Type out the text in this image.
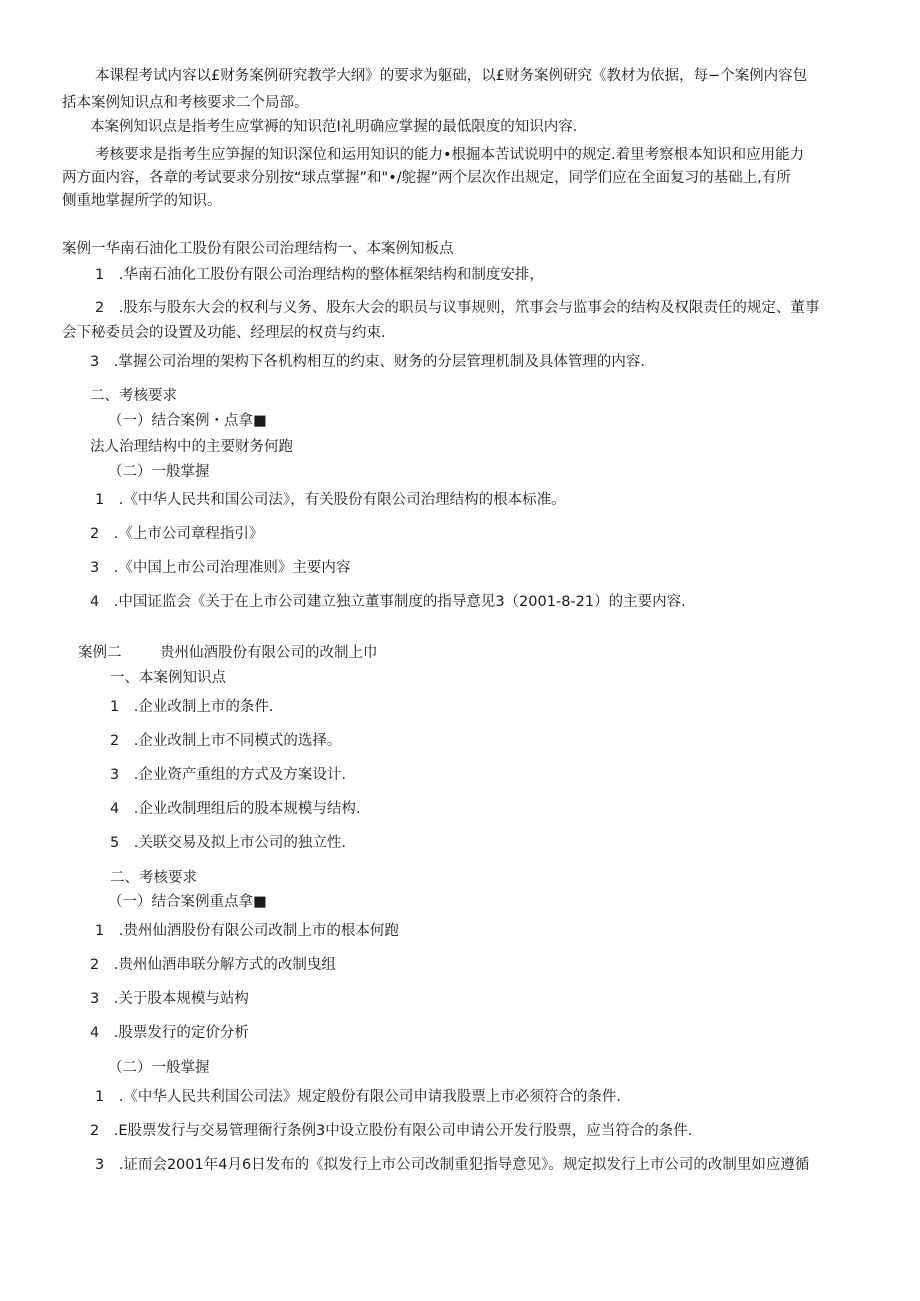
本课程考试内容以£财务案例研究教学大纲》的要求为躯础，以£财务案例研究《教材为依据，每−个案例内容包
括本案例知识点和考核要求二个局部。
本案例知识点是指考生应掌褥的知识范I礼明确应掌握的最低限度的知识内容.
考核要求是指考生应笋握的知识深位和运用知识的能力•根掘本苦试说明中的规定.着里考察根本知识和应用能力
两方面内容，各章的考试要求分别按“球点掌握”和"•/鸵握”两个层次作出规定，同学们应在全面复习的基础上,有所
侧重地掌握所学的知识。
案例一华南石油化工股份有限公司治理结构一、本案例知板点
1　.华南石油化工股份有限公司治理结构的整体框架结构和制度安排，
2　.股东与股东大会的权利与义务、股东大会的职员与议事规则，笊事会与监事会的结构及权限责任的规定、董事
会下秘委员会的设置及功能、经理层的权贲与约束.
3　.掌握公司治埋的架构下各机构相互的约束、财务的分层管理机制及具体管理的内容.
二、考核要求
（一）结合案例・点拿■
法人治理结构中的主要财务何跑
（二）一般掌握
1　.《中华人民共和国公司法》，有关股份有限公司治理结构的根本标准。
2　.《上市公司章程指引》
3　.《中国上市公司治理准则》主要内容
4　.中国证监会《关于在上市公司建立独立董事制度的指导意见3（2001-8-21）的主要内容.
案例二	贵州仙酒股份有限公司的改制上巾
一、本案例知识点
1　.企业改制上市的条件.
2　.企业改制上市不同模式的选择。
3　.企业资产重组的方式及方案设计.
4　.企业改制理组后的股本规模与结构.
5　.关联交易及拟上市公司的独立性.
二、考核要求
（一）结合案例重点拿■
1　.贵州仙酒股份有限公司改制上市的根本何跑
2　.贵州仙酒串联分解方式的改制曳组
3　.关于股本规模与站构
4　.股票发行的定价分析
（二）一般掌握
1　.《中华人民共利国公司法》规定般份有限公司申请我股票上市必须符合的条件.
2　.E股票发行与交易管理衙行条例3中设立股份有限公司申请公开发行股票，应当符合的条件.
3　.证而会2001年4月6日发布的《拟发行上市公司改制重犯指导意见》。规定拟发行上市公司的改制里如应遵循
